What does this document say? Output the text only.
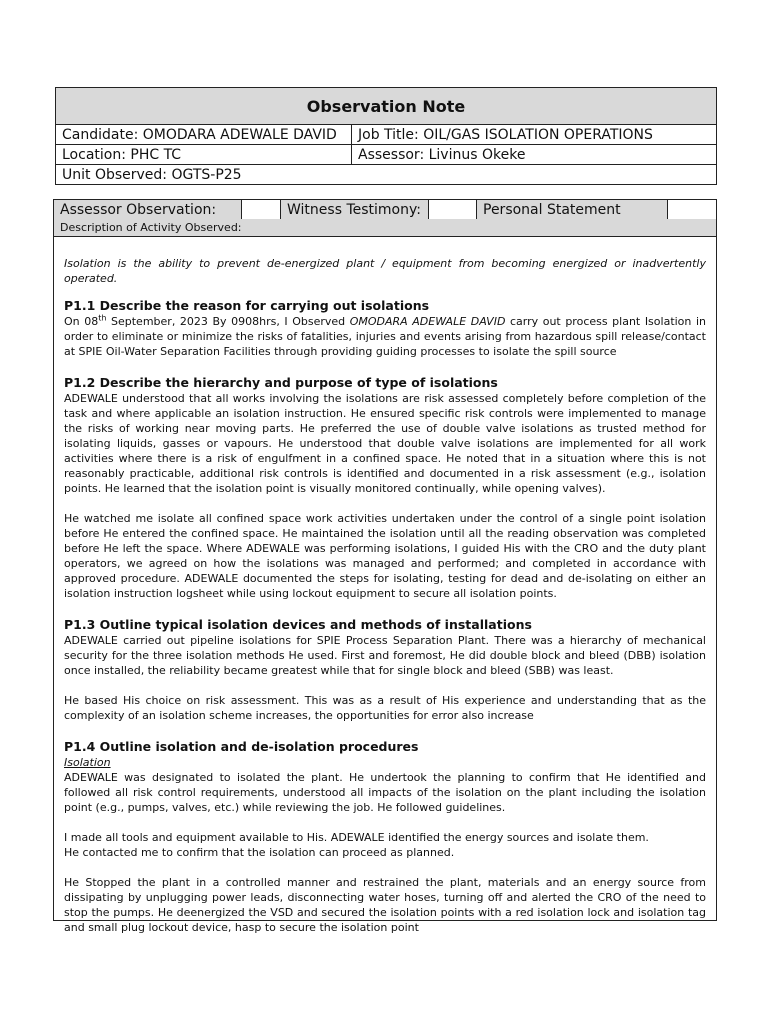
Observation Note
Candidate: OMODARA ADEWALE DAVID	Job Title: OIL/GAS ISOLATION OPERATIONS
Location: PHC TC	Assessor: Livinus Okeke
Unit Observed: OGTS-P25
Assessor Observation:	Witness Testimony:	Personal Statement
Description of Activity Observed:

Isolation is the ability to prevent de-energized plant / equipment from becoming energized or inadvertently operated.

P1.1 Describe the reason for carrying out isolations

On 08th September, 2023 By 0908hrs, I Observed OMODARA ADEWALE DAVID carry out process plant Isolation in order to eliminate or minimize the risks of fatalities, injuries and events arising from hazardous spill release/contact at SPIE Oil-Water Separation Facilities through providing guiding processes to isolate the spill source

P1.2 Describe the hierarchy and purpose of type of isolations

ADEWALE understood that all works involving the isolations are risk assessed completely before completion of the task and where applicable an isolation instruction. He ensured specific risk controls were implemented to manage the risks of working near moving parts. He preferred the use of double valve isolations as trusted method for isolating liquids, gasses or vapours. He understood that double valve isolations are implemented for all work activities where there is a risk of engulfment in a confined space. He noted that in a situation where this is not reasonably practicable, additional risk controls is identified and documented in a risk assessment (e.g., isolation points. He learned that the isolation point is visually monitored continually, while opening valves).

He watched me isolate all confined space work activities undertaken under the control of a single point isolation before He entered the confined space. He maintained the isolation until all the reading observation was completed before He left the space. Where ADEWALE was performing isolations, I guided His with the CRO and the duty plant operators, we agreed on how the isolations was managed and performed; and completed in accordance with approved procedure. ADEWALE documented the steps for isolating, testing for dead and de-isolating on either an isolation instruction logsheet while using lockout equipment to secure all isolation points.

P1.3 Outline typical isolation devices and methods of installations

ADEWALE carried out pipeline isolations for SPIE Process Separation Plant. There was a hierarchy of mechanical security for the three isolation methods He used. First and foremost, He did double block and bleed (DBB) isolation once installed, the reliability became greatest while that for single block and bleed (SBB) was least.

He based His choice on risk assessment. This was as a result of His experience and understanding that as the complexity of an isolation scheme increases, the opportunities for error also increase

P1.4 Outline isolation and de-isolation procedures

Isolation

ADEWALE was designated to isolated the plant. He undertook the planning to confirm that He identified and followed all risk control requirements, understood all impacts of the isolation on the plant including the isolation point (e.g., pumps, valves, etc.) while reviewing the job. He followed guidelines.

I made all tools and equipment available to His. ADEWALE identified the energy sources and isolate them.

He contacted me to confirm that the isolation can proceed as planned.

He Stopped the plant in a controlled manner and restrained the plant, materials and an energy source from dissipating by unplugging power leads, disconnecting water hoses, turning off and alerted the CRO of the need to stop the pumps. He deenergized the VSD and secured the isolation points with a red isolation lock and isolation tag and small plug lockout device, hasp to secure the isolation point
